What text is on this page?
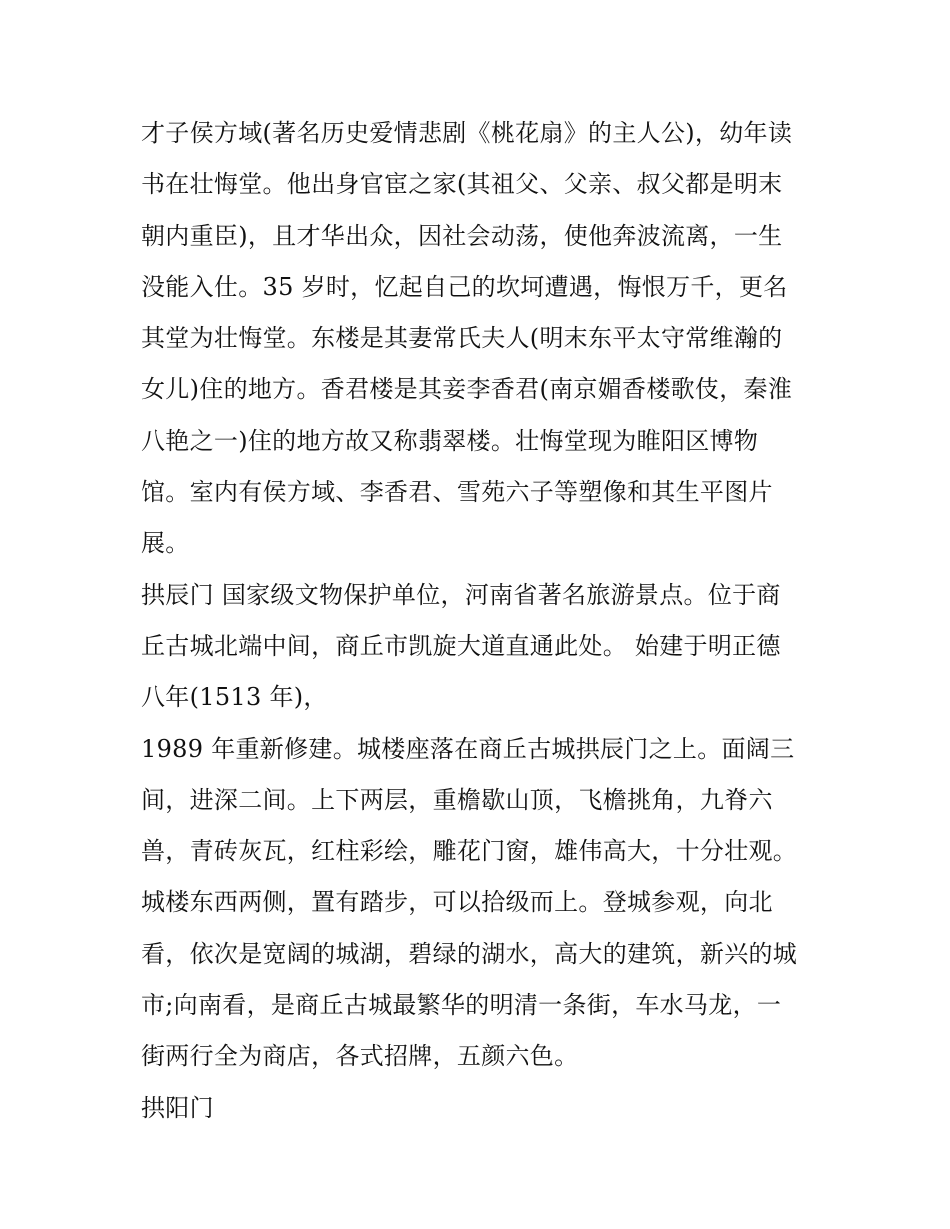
才子侯方域(著名历史爱情悲剧《桃花扇》的主人公)，幼年读
书在壮悔堂。他出身官宦之家(其祖父、父亲、叔父都是明末
朝内重臣)，且才华出众，因社会动荡，使他奔波流离，一生
没能入仕。35 岁时，忆起自己的坎坷遭遇，悔恨万千，更名
其堂为壮悔堂。东楼是其妻常氏夫人(明末东平太守常维瀚的
女儿)住的地方。香君楼是其妾李香君(南京媚香楼歌伎，秦淮
八艳之一)住的地方故又称翡翠楼。壮悔堂现为睢阳区博物
馆。室内有侯方域、李香君、雪苑六子等塑像和其生平图片
展。
拱辰门 国家级文物保护单位，河南省著名旅游景点。位于商
丘古城北端中间，商丘市凯旋大道直通此处。 始建于明正德
八年(1513 年)，
1989 年重新修建。城楼座落在商丘古城拱辰门之上。面阔三
间，进深二间。上下两层，重檐歇山顶，飞檐挑角，九脊六
兽，青砖灰瓦，红柱彩绘，雕花门窗，雄伟高大，十分壮观。
城楼东西两侧，置有踏步，可以拾级而上。登城参观，向北
看，依次是宽阔的城湖，碧绿的湖水，高大的建筑，新兴的城
市;向南看，是商丘古城最繁华的明清一条街，车水马龙，一
街两行全为商店，各式招牌，五颜六色。
拱阳门
